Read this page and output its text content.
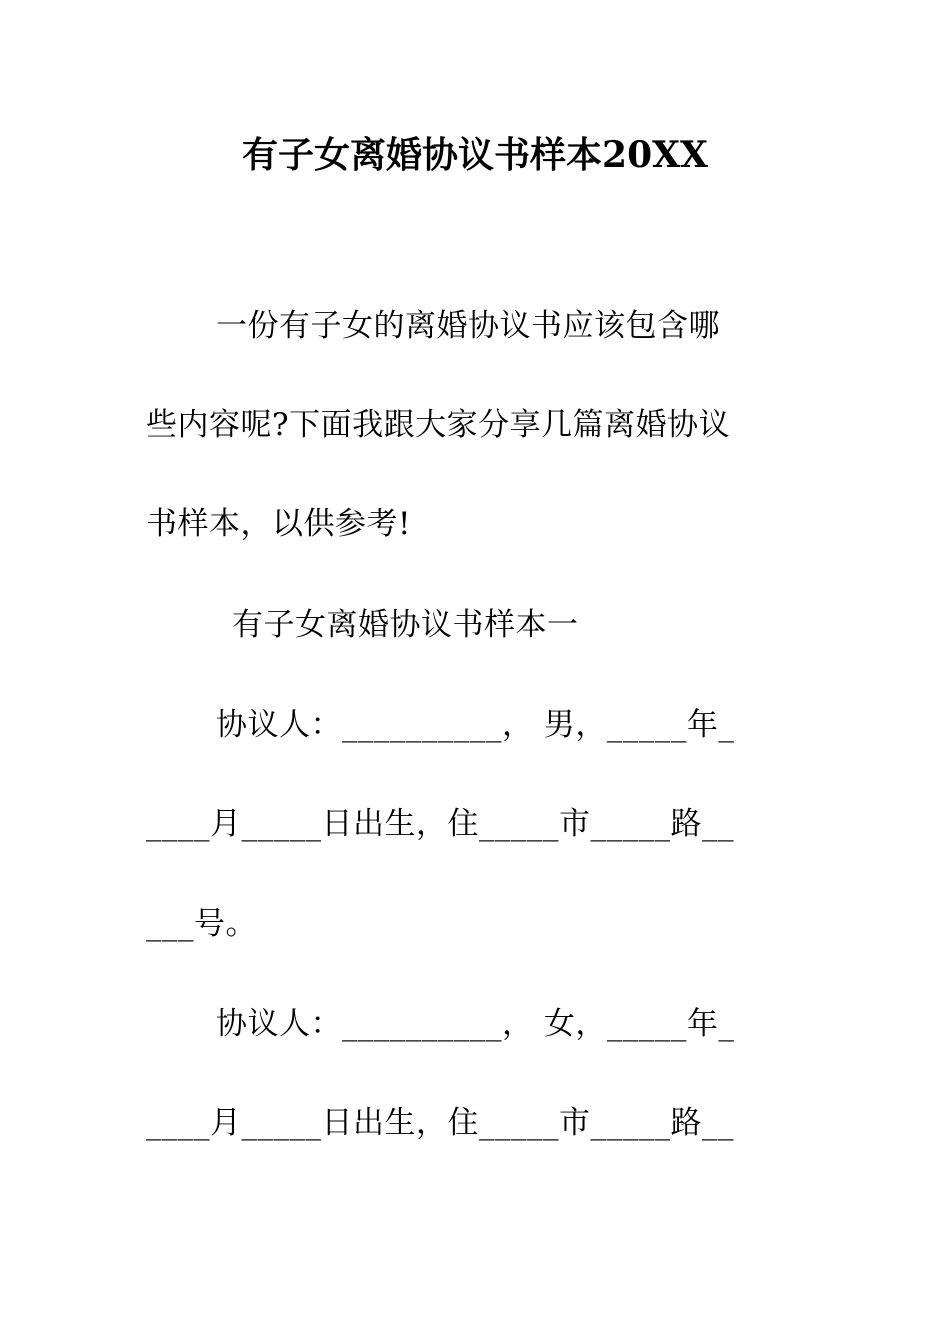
有子女离婚协议书样本20XX
一份有子女的离婚协议书应该包含哪
些内容呢?下面我跟大家分享几篇离婚协议
书样本，以供参考!
有子女离婚协议书样本一
协议人：__________， 男，_____年_
____月_____日出生，住_____市_____路__
___号。
协议人：__________， 女，_____年_
____月_____日出生，住_____市_____路__
